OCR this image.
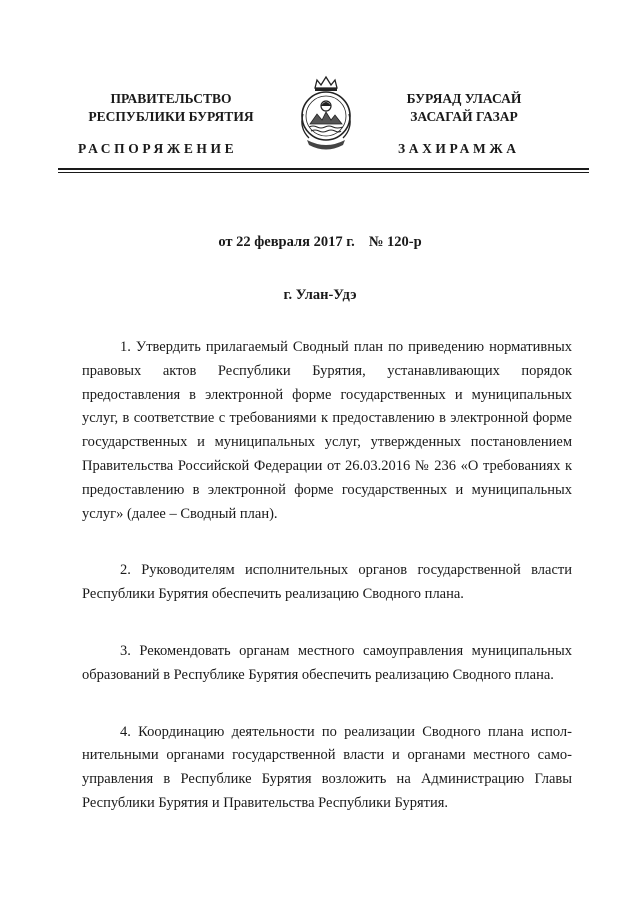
ПРАВИТЕЛЬСТВО
РЕСПУБЛИКИ БУРЯТИЯ
БУРЯАД УЛАСАЙ
ЗАСАГАЙ ГАЗАР
РАСПОРЯЖЕНИЕ	ЗАХИРАМЖА
от 22 февраля 2017 г. № 120-р
г. Улан-Удэ

1. Утвердить прилагаемый Сводный план по приведению нормативных правовых актов Республики Бурятия, устанавливающих порядок предоставления в электронной форме государственных и муниципальных услуг, в соответствие с требованиями к предоставлению в электронной форме государственных и муниципальных услуг, утвержденных постановлением Правительства Российской Федерации от 26.03.2016 № 236 «О требованиях к предоставлению в электронной форме государственных и муниципальных услуг» (далее – Сводный план).

2. Руководителям исполнительных органов государственной власти Республики Бурятия обеспечить реализацию Сводного плана.

3. Рекомендовать органам местного самоуправления муниципальных образований в Республике Бурятия обеспечить реализацию Сводного плана.

4. Координацию деятельности по реализации Сводного плана исполнительными органами государственной власти и органами местного самоуправления в Республике Бурятия возложить на Администрацию Главы Республики Бурятия и Правительства Республики Бурятия.
